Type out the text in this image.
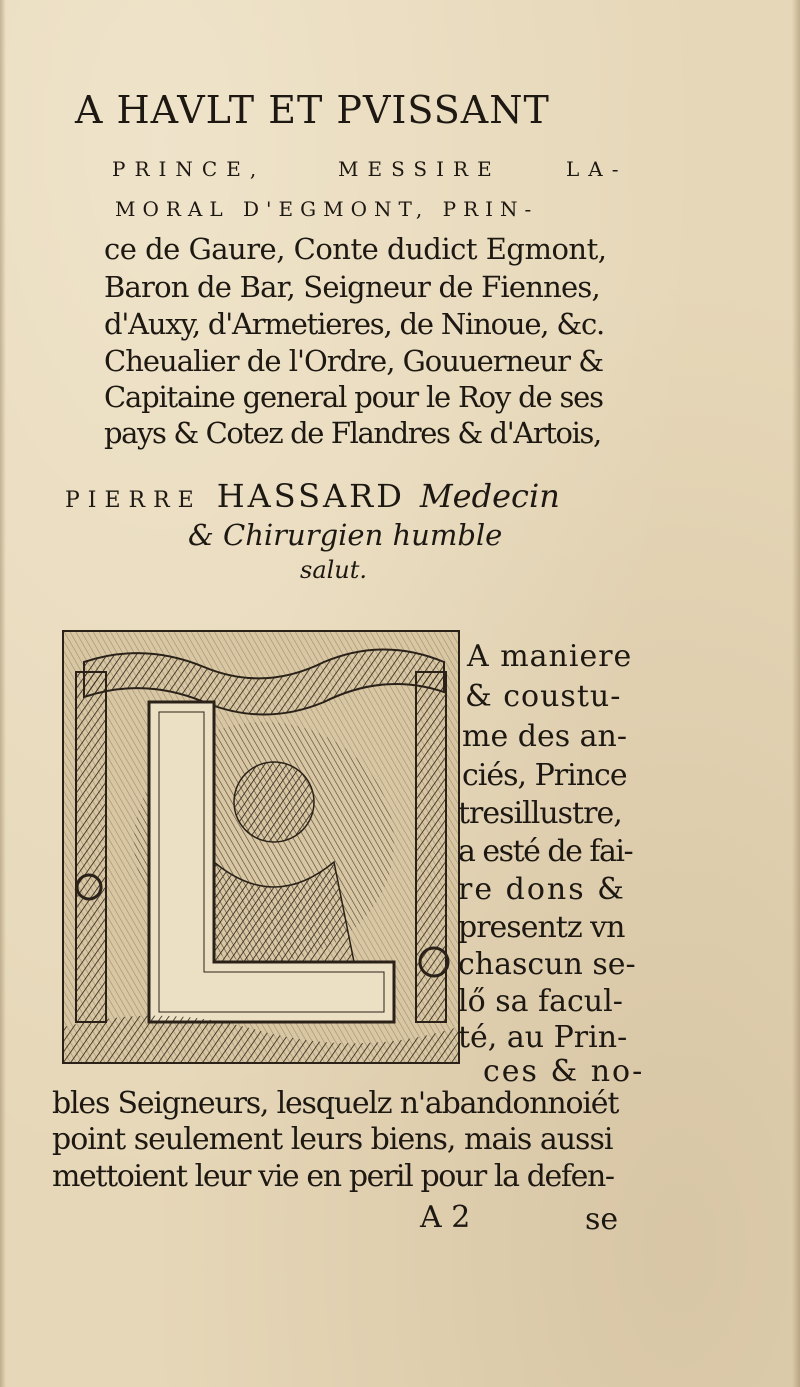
A HAVLT ET PVISSANT
PRINCE,	MESSIRE	LA-
MORAL D'EGMONT, PRIN-
ce de Gaure, Conte dudict Egmont,
Baron de Bar, Seigneur de Fiennes,
d'Auxy, d'Armetieres, de Ninoue, &c.
Cheualier de l'Ordre, Gouuerneur &
Capitaine general pour le Roy de ses
pays & Cotez de Flandres & d'Artois,
PIERRE HASSARD Medecin
& Chirurgien humble
salut.
A maniere
& coustu-
me des an-
ciés, Prince
tresillustre,
a esté de fai-
re dons &
presentz vn
chascun se-
lő sa facul-
té, au Prin-
ces & no-
bles Seigneurs, lesquelz n'abandonnoiét
point seulement leurs biens, mais aussi
mettoient leur vie en peril pour la defen-
A 2	se
